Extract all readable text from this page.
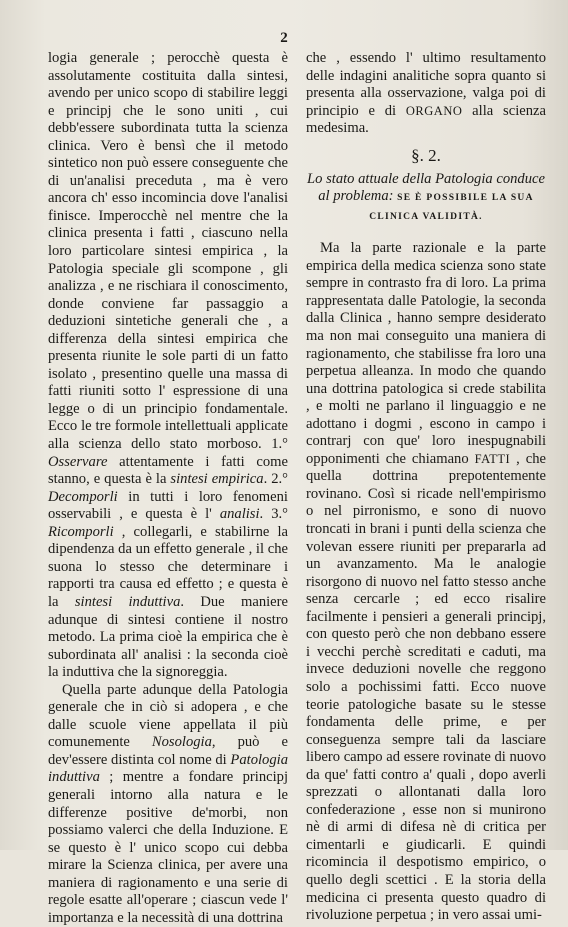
2

logia generale ; perocchè questa è assolutamente costituita dalla sintesi, avendo per unico scopo di stabilire leggi e principj che le sono uniti , cui debb'essere subordinata tutta la scienza clinica. Vero è bensì che il metodo sintetico non può essere conseguente che di un'analisi preceduta , ma è vero ancora ch' esso incomincia dove l'analisi finisce. Imperocchè nel mentre che la clinica presenta i fatti , ciascuno nella loro particolare sintesi empirica , la Patologia speciale gli scompone , gli analizza , e ne rischiara il conoscimento, donde conviene far passaggio a deduzioni sintetiche generali che , a differenza della sintesi empirica che presenta riunite le sole parti di un fatto isolato , presentino quelle una massa di fatti riuniti sotto l' espressione di una legge o di un principio fondamentale. Ecco le tre formole intellettuali applicate alla scienza dello stato morboso. 1.° Osservare attentamente i fatti come stanno, e questa è la sintesi empirica. 2.° Decomporli in tutti i loro fenomeni osservabili , e questa è l' analisi. 3.° Ricomporli , collegarli, e stabilirne la dipendenza da un effetto generale , il che suona lo stesso che determinare i rapporti tra causa ed effetto ; e questa è la sintesi induttiva. Due maniere adunque di sintesi contiene il nostro metodo. La prima cioè la empirica che è subordinata all' analisi : la seconda cioè la induttiva che la signoreggia.

Quella parte adunque della Patologia generale che in ciò si adopera , e che dalle scuole viene appellata il più comunemente Nosologia, può e dev'essere distinta col nome di Patologia induttiva ; mentre a fondare principj generali intorno alla natura e le differenze positive de'morbi, non possiamo valerci che della Induzione. E se questo è l' unico scopo cui debba mirare la Scienza clinica, per avere una maniera di ragionamento e una serie di regole esatte all'operare ; ciascun vede l' importanza e la necessità di una dottrina

che , essendo l' ultimo resultamento delle indagini analitiche sopra quanto si presenta alla osservazione, valga poi di principio e di ORGANO alla scienza medesima.

§. 2.
Lo stato attuale della Patologia conduce al problema: SE È POSSIBILE LA SUA CLINICA VALIDITÀ.

Ma la parte razionale e la parte empirica della medica scienza sono state sempre in contrasto fra di loro. La prima rappresentata dalle Patologie, la seconda dalla Clinica , hanno sempre desiderato ma non mai conseguito una maniera di ragionamento, che stabilisse fra loro una perpetua alleanza. In modo che quando una dottrina patologica si crede stabilita , e molti ne parlano il linguaggio e ne adottano i dogmi , escono in campo i contrarj con que' loro inespugnabili opponimenti che chiamano FATTI , che quella dottrina prepotentemente rovinano. Così si ricade nell'empirismo o nel pirronismo, e sono di nuovo troncati in brani i punti della scienza che volevan essere riuniti per prepararla ad un avanzamento. Ma le analogie risorgono di nuovo nel fatto stesso anche senza cercarle ; ed ecco risalire facilmente i pensieri a generali principj, con questo però che non debbano essere i vecchi perchè screditati e caduti, ma invece deduzioni novelle che reggono solo a pochissimi fatti. Ecco nuove teorie patologiche basate su le stesse fondamenta delle prime, e per conseguenza sempre tali da lasciare libero campo ad essere rovinate di nuovo da que' fatti contro a' quali , dopo averli sprezzati o allontanati dalla loro confederazione , esse non si munirono nè di armi di difesa nè di critica per cimentarli e giudicarli. E quindi ricomincia il despotismo empirico, o quello degli scettici . E la storia della medicina ci presenta questo quadro di rivoluzione perpetua ; in vero assai umi-
